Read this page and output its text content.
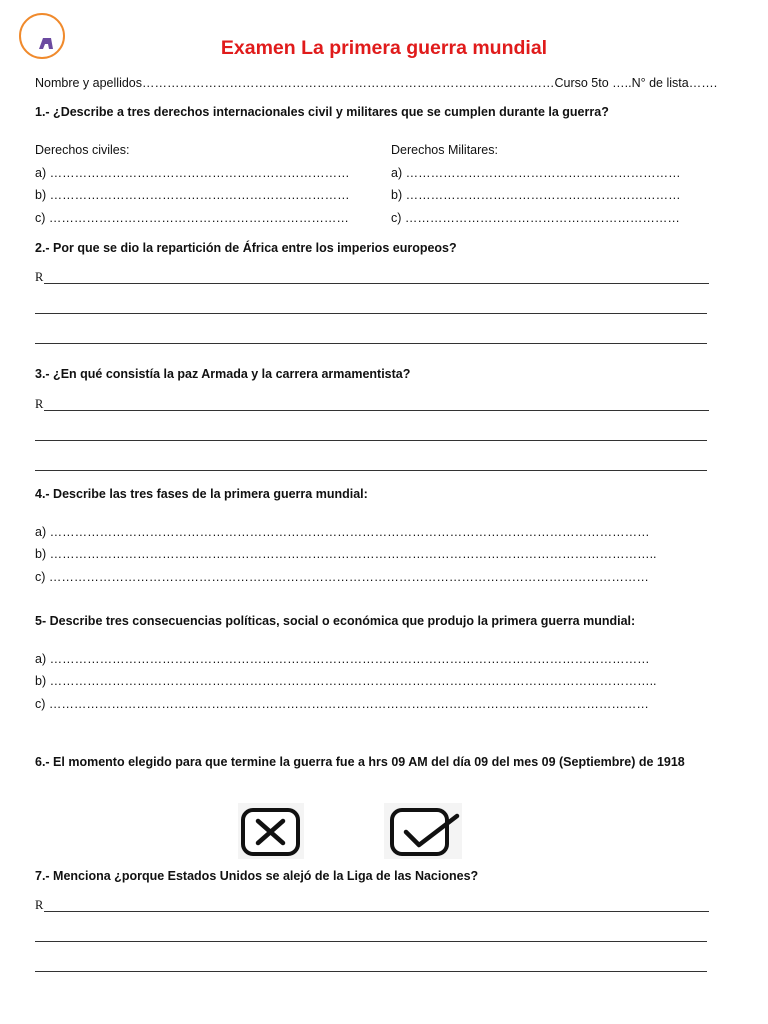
Examen La primera guerra mundial
Nombre y apellidos………………………………………………………………………………………Curso 5to …..N° de lista…….
1.- ¿Describe a tres derechos internacionales civil y militares que se cumplen durante la guerra?
Derechos civiles:	Derechos Militares:
a) ………………………………………………………………
b) ………………………………………………………………
c) ………………………………………………………………
a) …………………………………………………………
b) …………………………………………………………
c) …………………………………………………………
2.- Por que se dio la repartición de África entre los imperios europeos?
R
3.- ¿En qué consistía la paz Armada y la carrera armamentista?
R
4.- Describe las tres fases de la primera guerra mundial:
a) ………………………………………………………………………………………………………………………………
b) ………………………………………………………………………………………………………………………………..
c) ………………………………………………………………………………………………………………………………
5- Describe tres consecuencias políticas, social o económica que produjo la primera guerra mundial:
a) ………………………………………………………………………………………………………………………………
b) ………………………………………………………………………………………………………………………………..
c) ………………………………………………………………………………………………………………………………
6.- El momento elegido para que termine la guerra fue a hrs 09 AM del día 09 del mes 09 (Septiembre) de 1918
7.- Menciona ¿porque Estados Unidos se alejó de la Liga de las Naciones?
R
